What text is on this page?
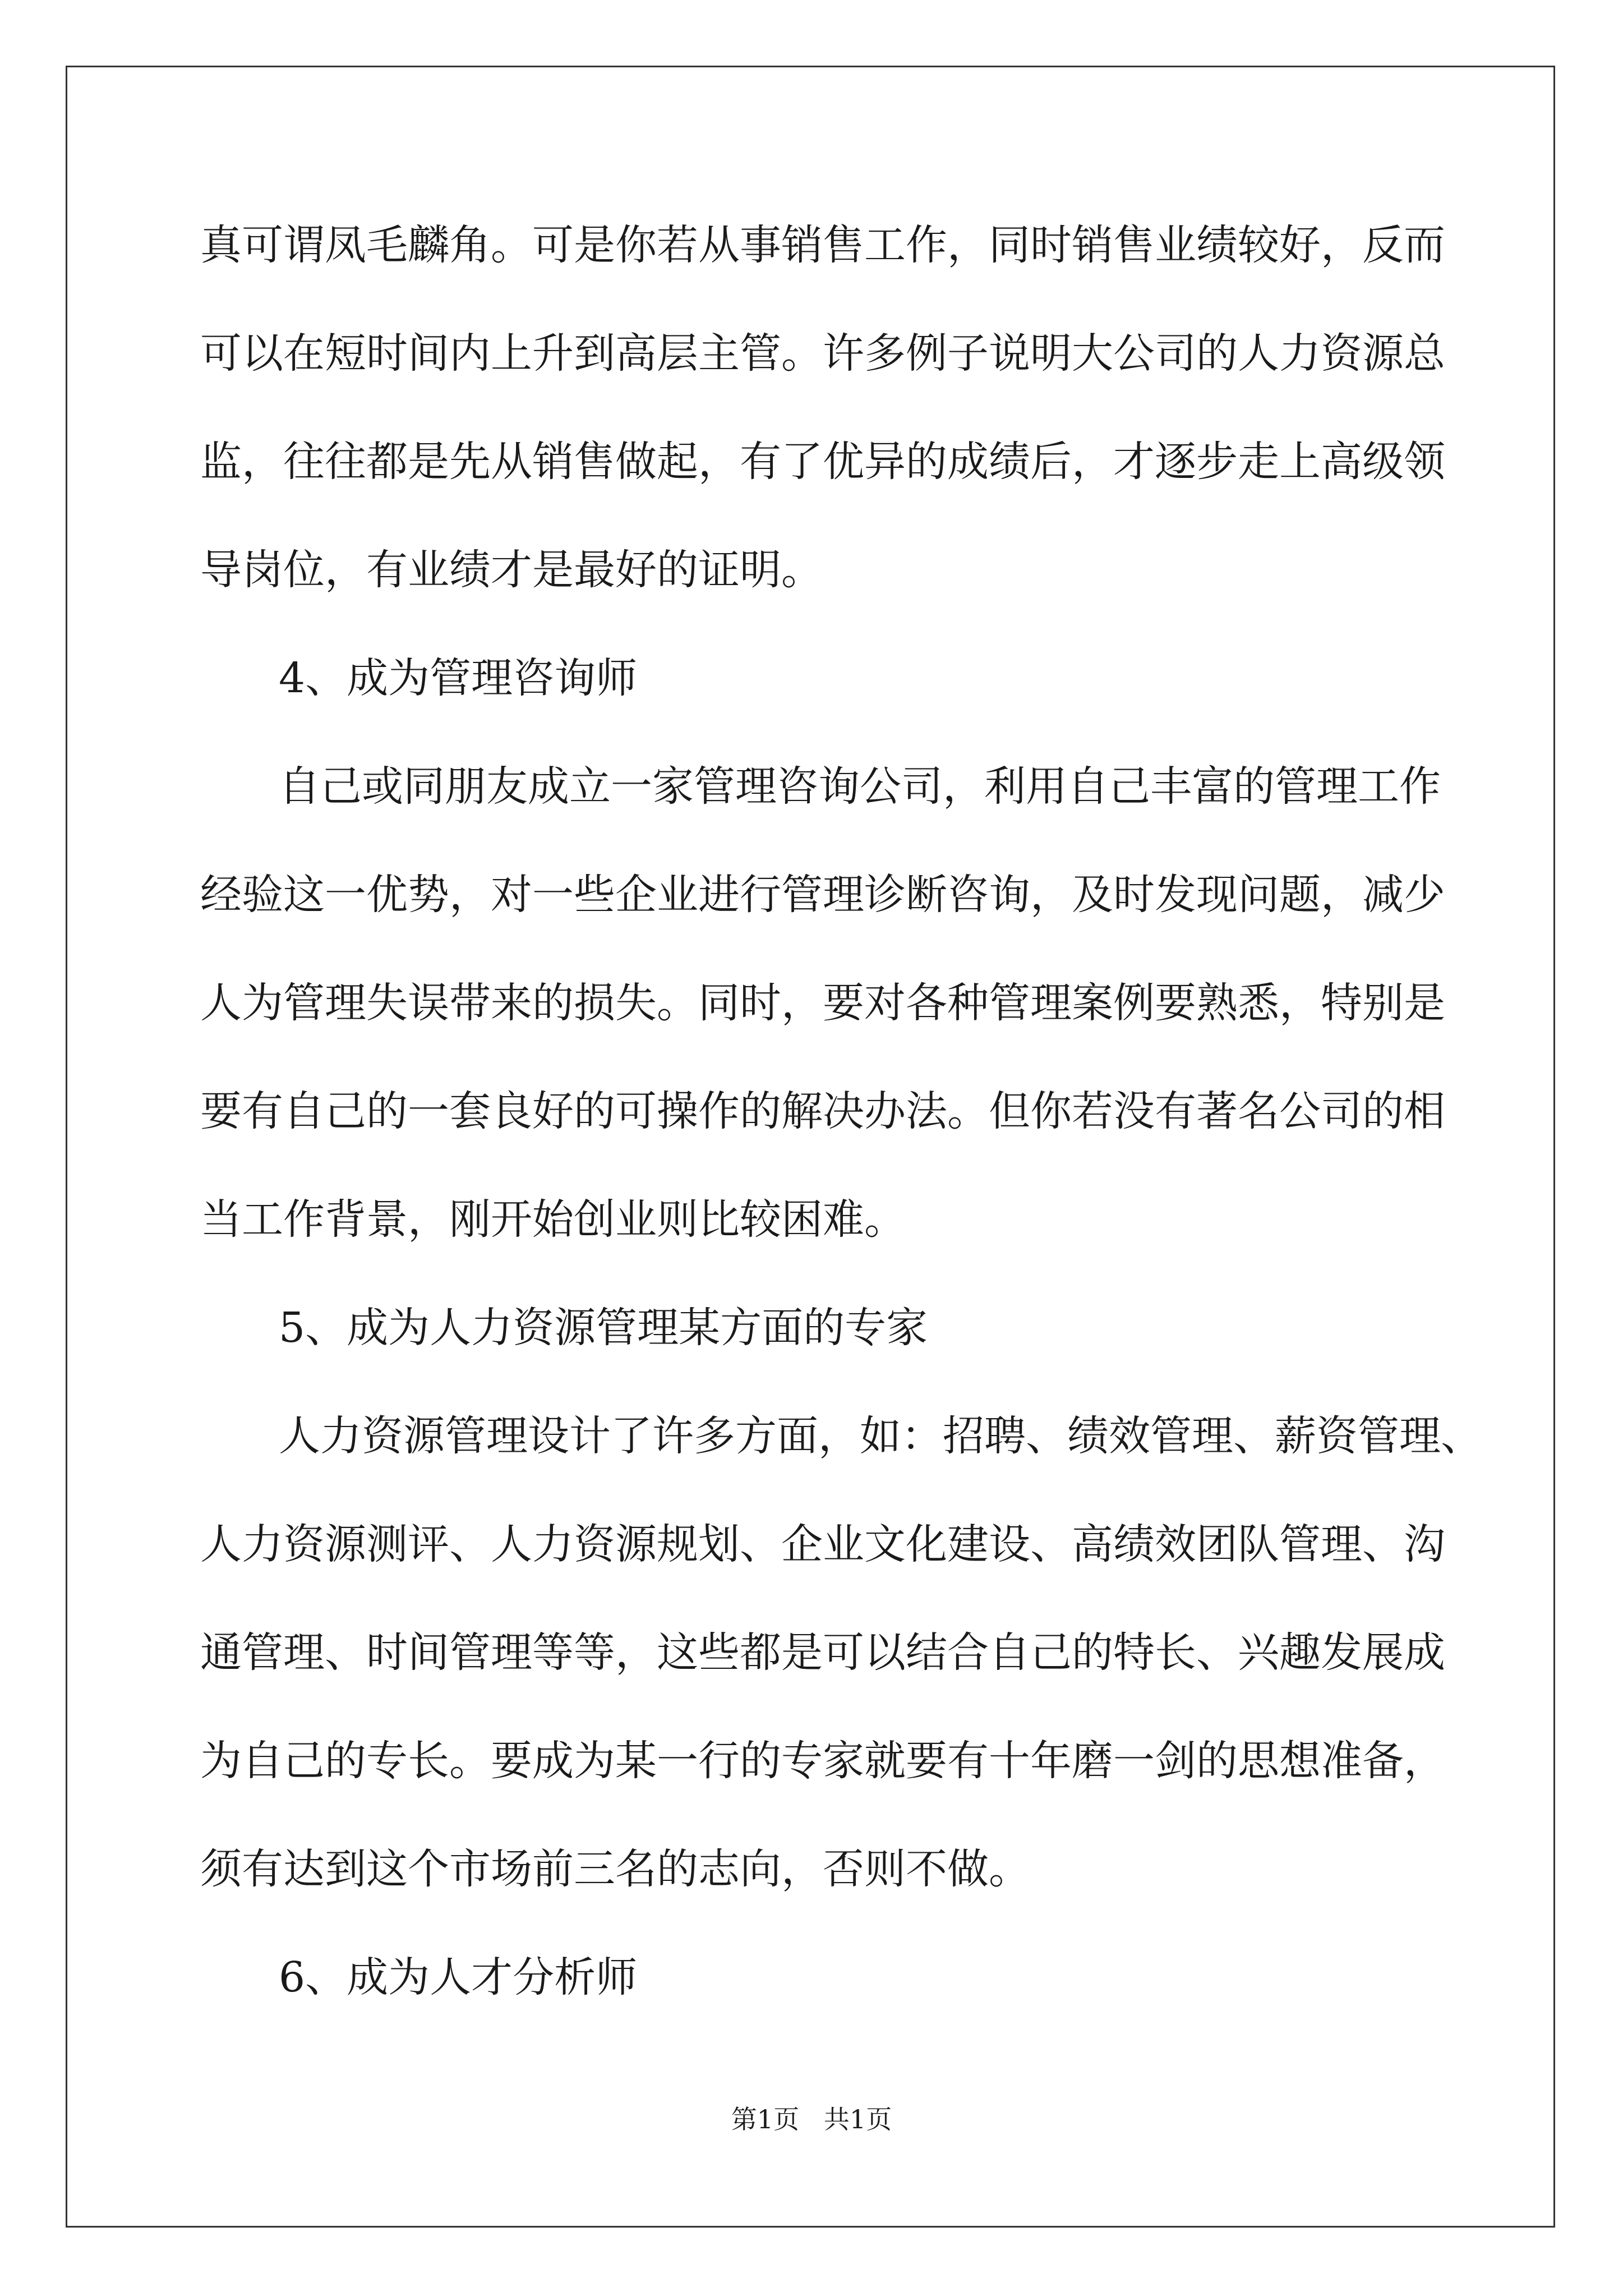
真可谓凤毛麟角。可是你若从事销售工作，同时销售业绩较好，反而
可以在短时间内上升到高层主管。许多例子说明大公司的人力资源总
监，往往都是先从销售做起，有了优异的成绩后，才逐步走上高级领
导岗位，有业绩才是最好的证明。
4、成为管理咨询师
自己或同朋友成立一家管理咨询公司，利用自己丰富的管理工作
经验这一优势，对一些企业进行管理诊断咨询，及时发现问题，减少
人为管理失误带来的损失。同时，要对各种管理案例要熟悉，特别是
要有自己的一套良好的可操作的解决办法。但你若没有著名公司的相
当工作背景，刚开始创业则比较困难。
5、成为人力资源管理某方面的专家
人力资源管理设计了许多方面，如：招聘、绩效管理、薪资管理、
人力资源测评、人力资源规划、企业文化建设、高绩效团队管理、沟
通管理、时间管理等等，这些都是可以结合自己的特长、兴趣发展成
为自己的专长。要成为某一行的专家就要有十年磨一剑的思想准备，
须有达到这个市场前三名的志向，否则不做。
6、成为人才分析师
第1页   共1页
